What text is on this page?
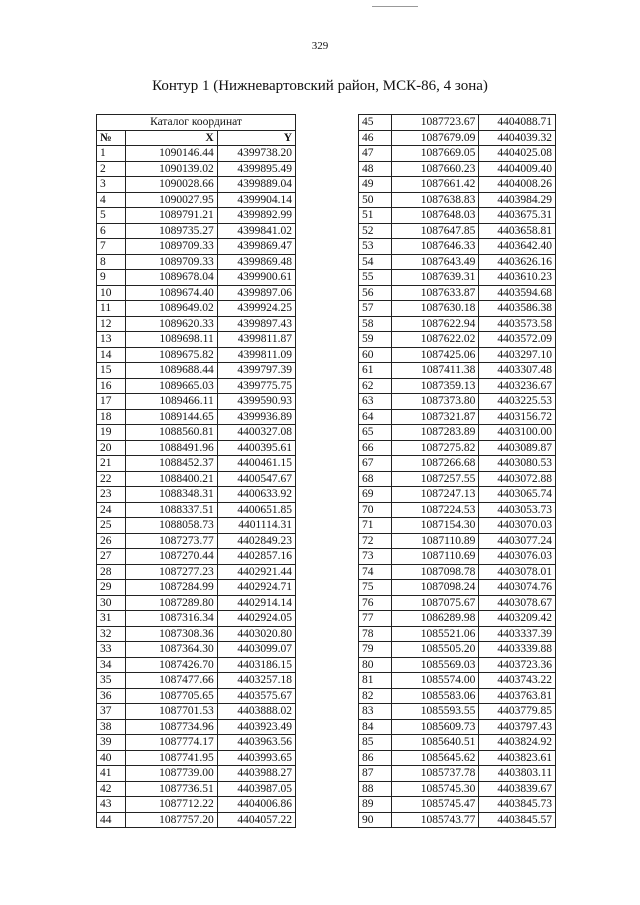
329
Контур 1 (Нижневартовский район, МСК-86, 4 зона)
Каталог координат		
№	X	Y
1	1090146.44	4399738.20
2	1090139.02	4399895.49
3	1090028.66	4399889.04
4	1090027.95	4399904.14
5	1089791.21	4399892.99
6	1089735.27	4399841.02
7	1089709.33	4399869.47
8	1089709.33	4399869.48
9	1089678.04	4399900.61
10	1089674.40	4399897.06
11	1089649.02	4399924.25
12	1089620.33	4399897.43
13	1089698.11	4399811.87
14	1089675.82	4399811.09
15	1089688.44	4399797.39
16	1089665.03	4399775.75
17	1089466.11	4399590.93
18	1089144.65	4399936.89
19	1088560.81	4400327.08
20	1088491.96	4400395.61
21	1088452.37	4400461.15
22	1088400.21	4400547.67
23	1088348.31	4400633.92
24	1088337.51	4400651.85
25	1088058.73	4401114.31
26	1087273.77	4402849.23
27	1087270.44	4402857.16
28	1087277.23	4402921.44
29	1087284.99	4402924.71
30	1087289.80	4402914.14
31	1087316.34	4402924.05
32	1087308.36	4403020.80
33	1087364.30	4403099.07
34	1087426.70	4403186.15
35	1087477.66	4403257.18
36	1087705.65	4403575.67
37	1087701.53	4403888.02
38	1087734.96	4403923.49
39	1087774.17	4403963.56
40	1087741.95	4403993.65
41	1087739.00	4403988.27
42	1087736.51	4403987.05
43	1087712.22	4404006.86
44	1087757.20	4404057.22
45	1087723.67	4404088.71
46	1087679.09	4404039.32
47	1087669.05	4404025.08
48	1087660.23	4404009.40
49	1087661.42	4404008.26
50	1087638.83	4403984.29
51	1087648.03	4403675.31
52	1087647.85	4403658.81
53	1087646.33	4403642.40
54	1087643.49	4403626.16
55	1087639.31	4403610.23
56	1087633.87	4403594.68
57	1087630.18	4403586.38
58	1087622.94	4403573.58
59	1087622.02	4403572.09
60	1087425.06	4403297.10
61	1087411.38	4403307.48
62	1087359.13	4403236.67
63	1087373.80	4403225.53
64	1087321.87	4403156.72
65	1087283.89	4403100.00
66	1087275.82	4403089.87
67	1087266.68	4403080.53
68	1087257.55	4403072.88
69	1087247.13	4403065.74
70	1087224.53	4403053.73
71	1087154.30	4403070.03
72	1087110.89	4403077.24
73	1087110.69	4403076.03
74	1087098.78	4403078.01
75	1087098.24	4403074.76
76	1087075.67	4403078.67
77	1086289.98	4403209.42
78	1085521.06	4403337.39
79	1085505.20	4403339.88
80	1085569.03	4403723.36
81	1085574.00	4403743.22
82	1085583.06	4403763.81
83	1085593.55	4403779.85
84	1085609.73	4403797.43
85	1085640.51	4403824.92
86	1085645.62	4403823.61
87	1085737.78	4403803.11
88	1085745.30	4403839.67
89	1085745.47	4403845.73
90	1085743.77	4403845.57
